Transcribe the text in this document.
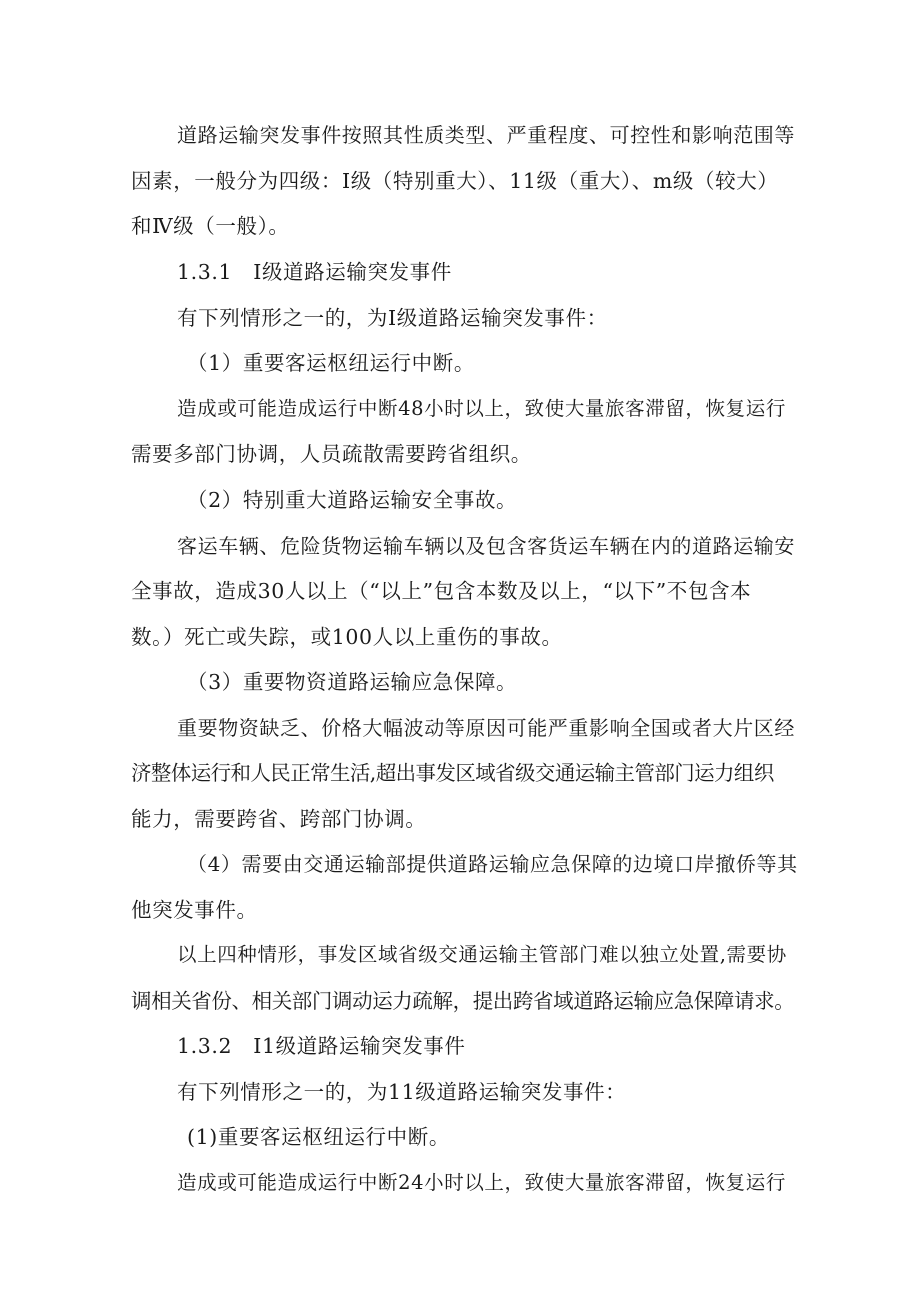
道路运输突发事件按照其性质类型、严重程度、可控性和影响范围等

因素，一般分为四级：Ⅰ级（特别重大）、11级（重大）、m级（较大）

和Ⅳ级（一般）。

1.3.1　Ⅰ级道路运输突发事件

有下列情形之一的，为Ⅰ级道路运输突发事件：

（1）重要客运枢纽运行中断。

造成或可能造成运行中断48小时以上，致使大量旅客滞留，恢复运行

需要多部门协调，人员疏散需要跨省组织。

（2）特别重大道路运输安全事故。

客运车辆、危险货物运输车辆以及包含客货运车辆在内的道路运输安

全事故，造成30人以上（“以上”包含本数及以上，“以下”不包含本

数。）死亡或失踪，或100人以上重伤的事故。

（3）重要物资道路运输应急保障。

重要物资缺乏、价格大幅波动等原因可能严重影响全国或者大片区经

济整体运行和人民正常生活,超出事发区域省级交通运输主管部门运力组织

能力，需要跨省、跨部门协调。

（4）需要由交通运输部提供道路运输应急保障的边境口岸撤侨等其

他突发事件。

以上四种情形，事发区域省级交通运输主管部门难以独立处置,需要协

调相关省份、相关部门调动运力疏解，提出跨省域道路运输应急保障请求。

1.3.2　I1级道路运输突发事件

有下列情形之一的，为11级道路运输突发事件：

(1)重要客运枢纽运行中断。

造成或可能造成运行中断24小时以上，致使大量旅客滞留，恢复运行
